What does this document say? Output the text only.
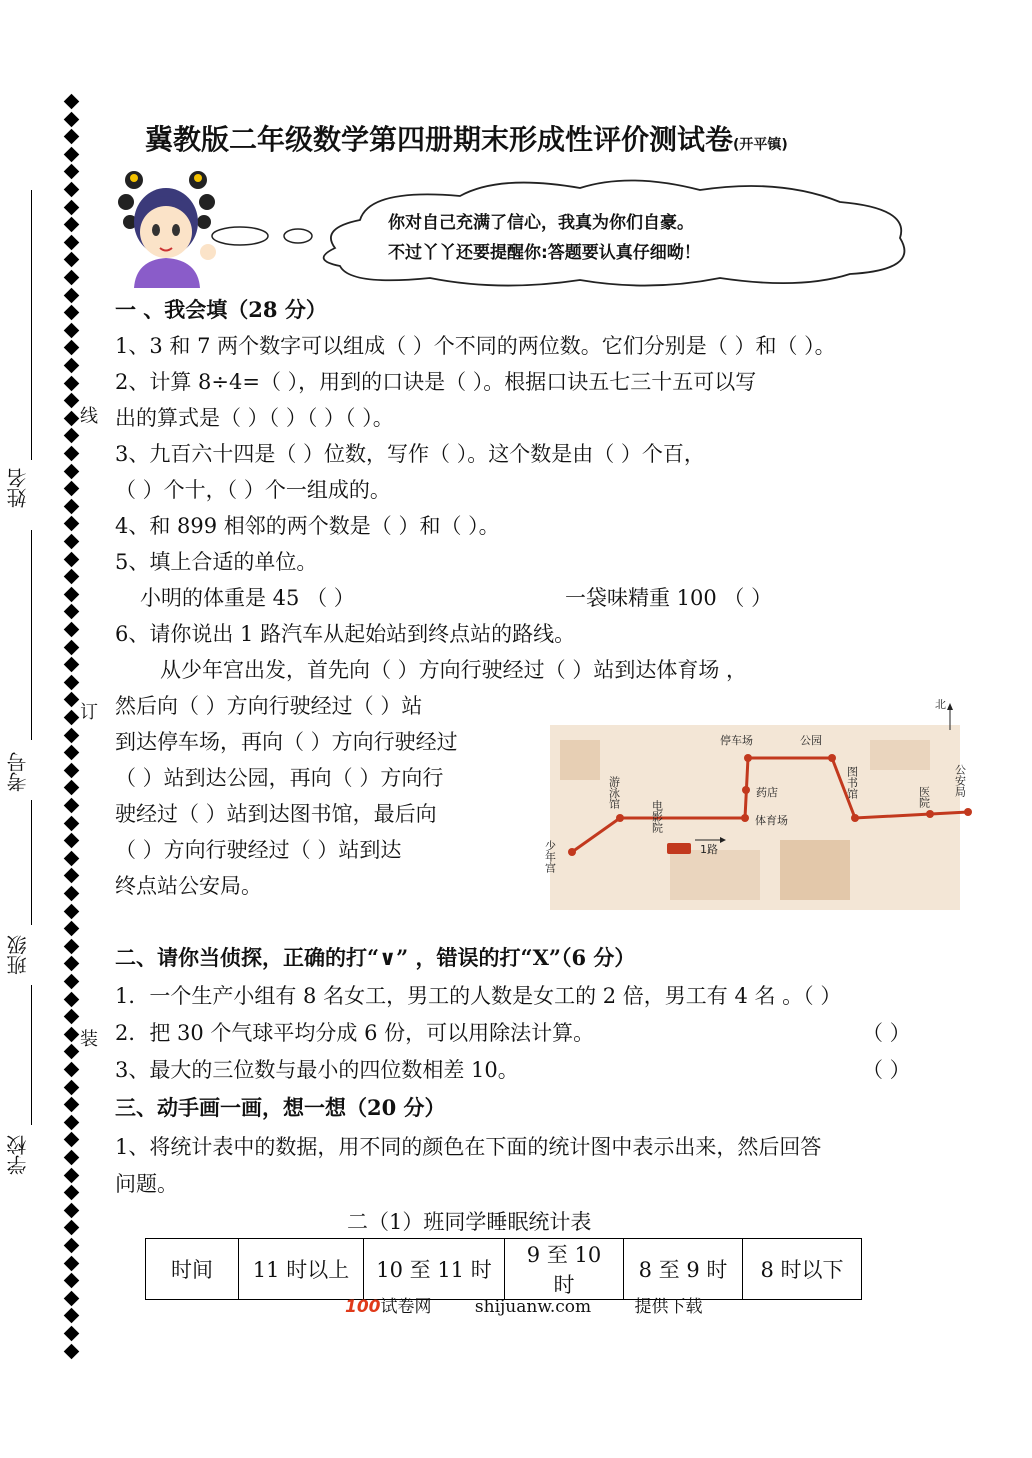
姓名
考号
班级
学校
线
订
装
冀教版二年级数学第四册期末形成性评价测试卷(开平镇)
你对自己充满了信心，我真为你们自豪。
不过丫丫还要提醒你:答题要认真仔细呦！
一 、我会填（28 分）
1、3 和 7 两个数字可以组成（ ）个不同的两位数。它们分别是（ ）和（ ）。
2、计算 8÷4=（ ），用到的口诀是（ ）。根据口诀五七三十五可以写
出的算式是（ ）（ ）（ ）（ ）。
3、九百六十四是（ ）位数，写作（ ）。这个数是由（ ）个百，
（ ）个十，（ ）个一组成的。
4、和 899 相邻的两个数是（ ）和（ ）。
5、填上合适的单位。
小明的体重是 45 （ ）	一袋味精重 100 （ ）
6、请你说出 1 路汽车从起始站到终点站的路线。
从少年宫出发，首先向（ ）方向行驶经过（ ）站到达体育场 ，
然后向（ ）方向行驶经过（ ）站
到达停车场，再向（ ）方向行驶经过
（ ）站到达公园，再向（ ）方向行
驶经过（ ）站到达图书馆，最后向
（ ）方向行驶经过（ ）站到达
终点站公安局。
北
少年宫
游泳馆
电影院
药店
体育场
停车场	公园
图书馆	医院 公安局
1路
二、请你当侦探，正确的打“∨” ，错误的打“X”（6 分）
1．一个生产小组有 8 名女工，男工的人数是女工的 2 倍，男工有 4 名 。（ ）
2．把 30 个气球平均分成 6 份，可以用除法计算。	（ ）
3、最大的三位数与最小的四位数相差 10。	（ ）
三、动手画一画，想一想（20 分）
1、将统计表中的数据，用不同的颜色在下面的统计图中表示出来，然后回答
问题。
二（1）班同学睡眠统计表
时间	11 时以上	10 至 11 时	9 至 10 时	8 至 9 时	8 时以下
100试卷网	shijuanw.com	提供下载
